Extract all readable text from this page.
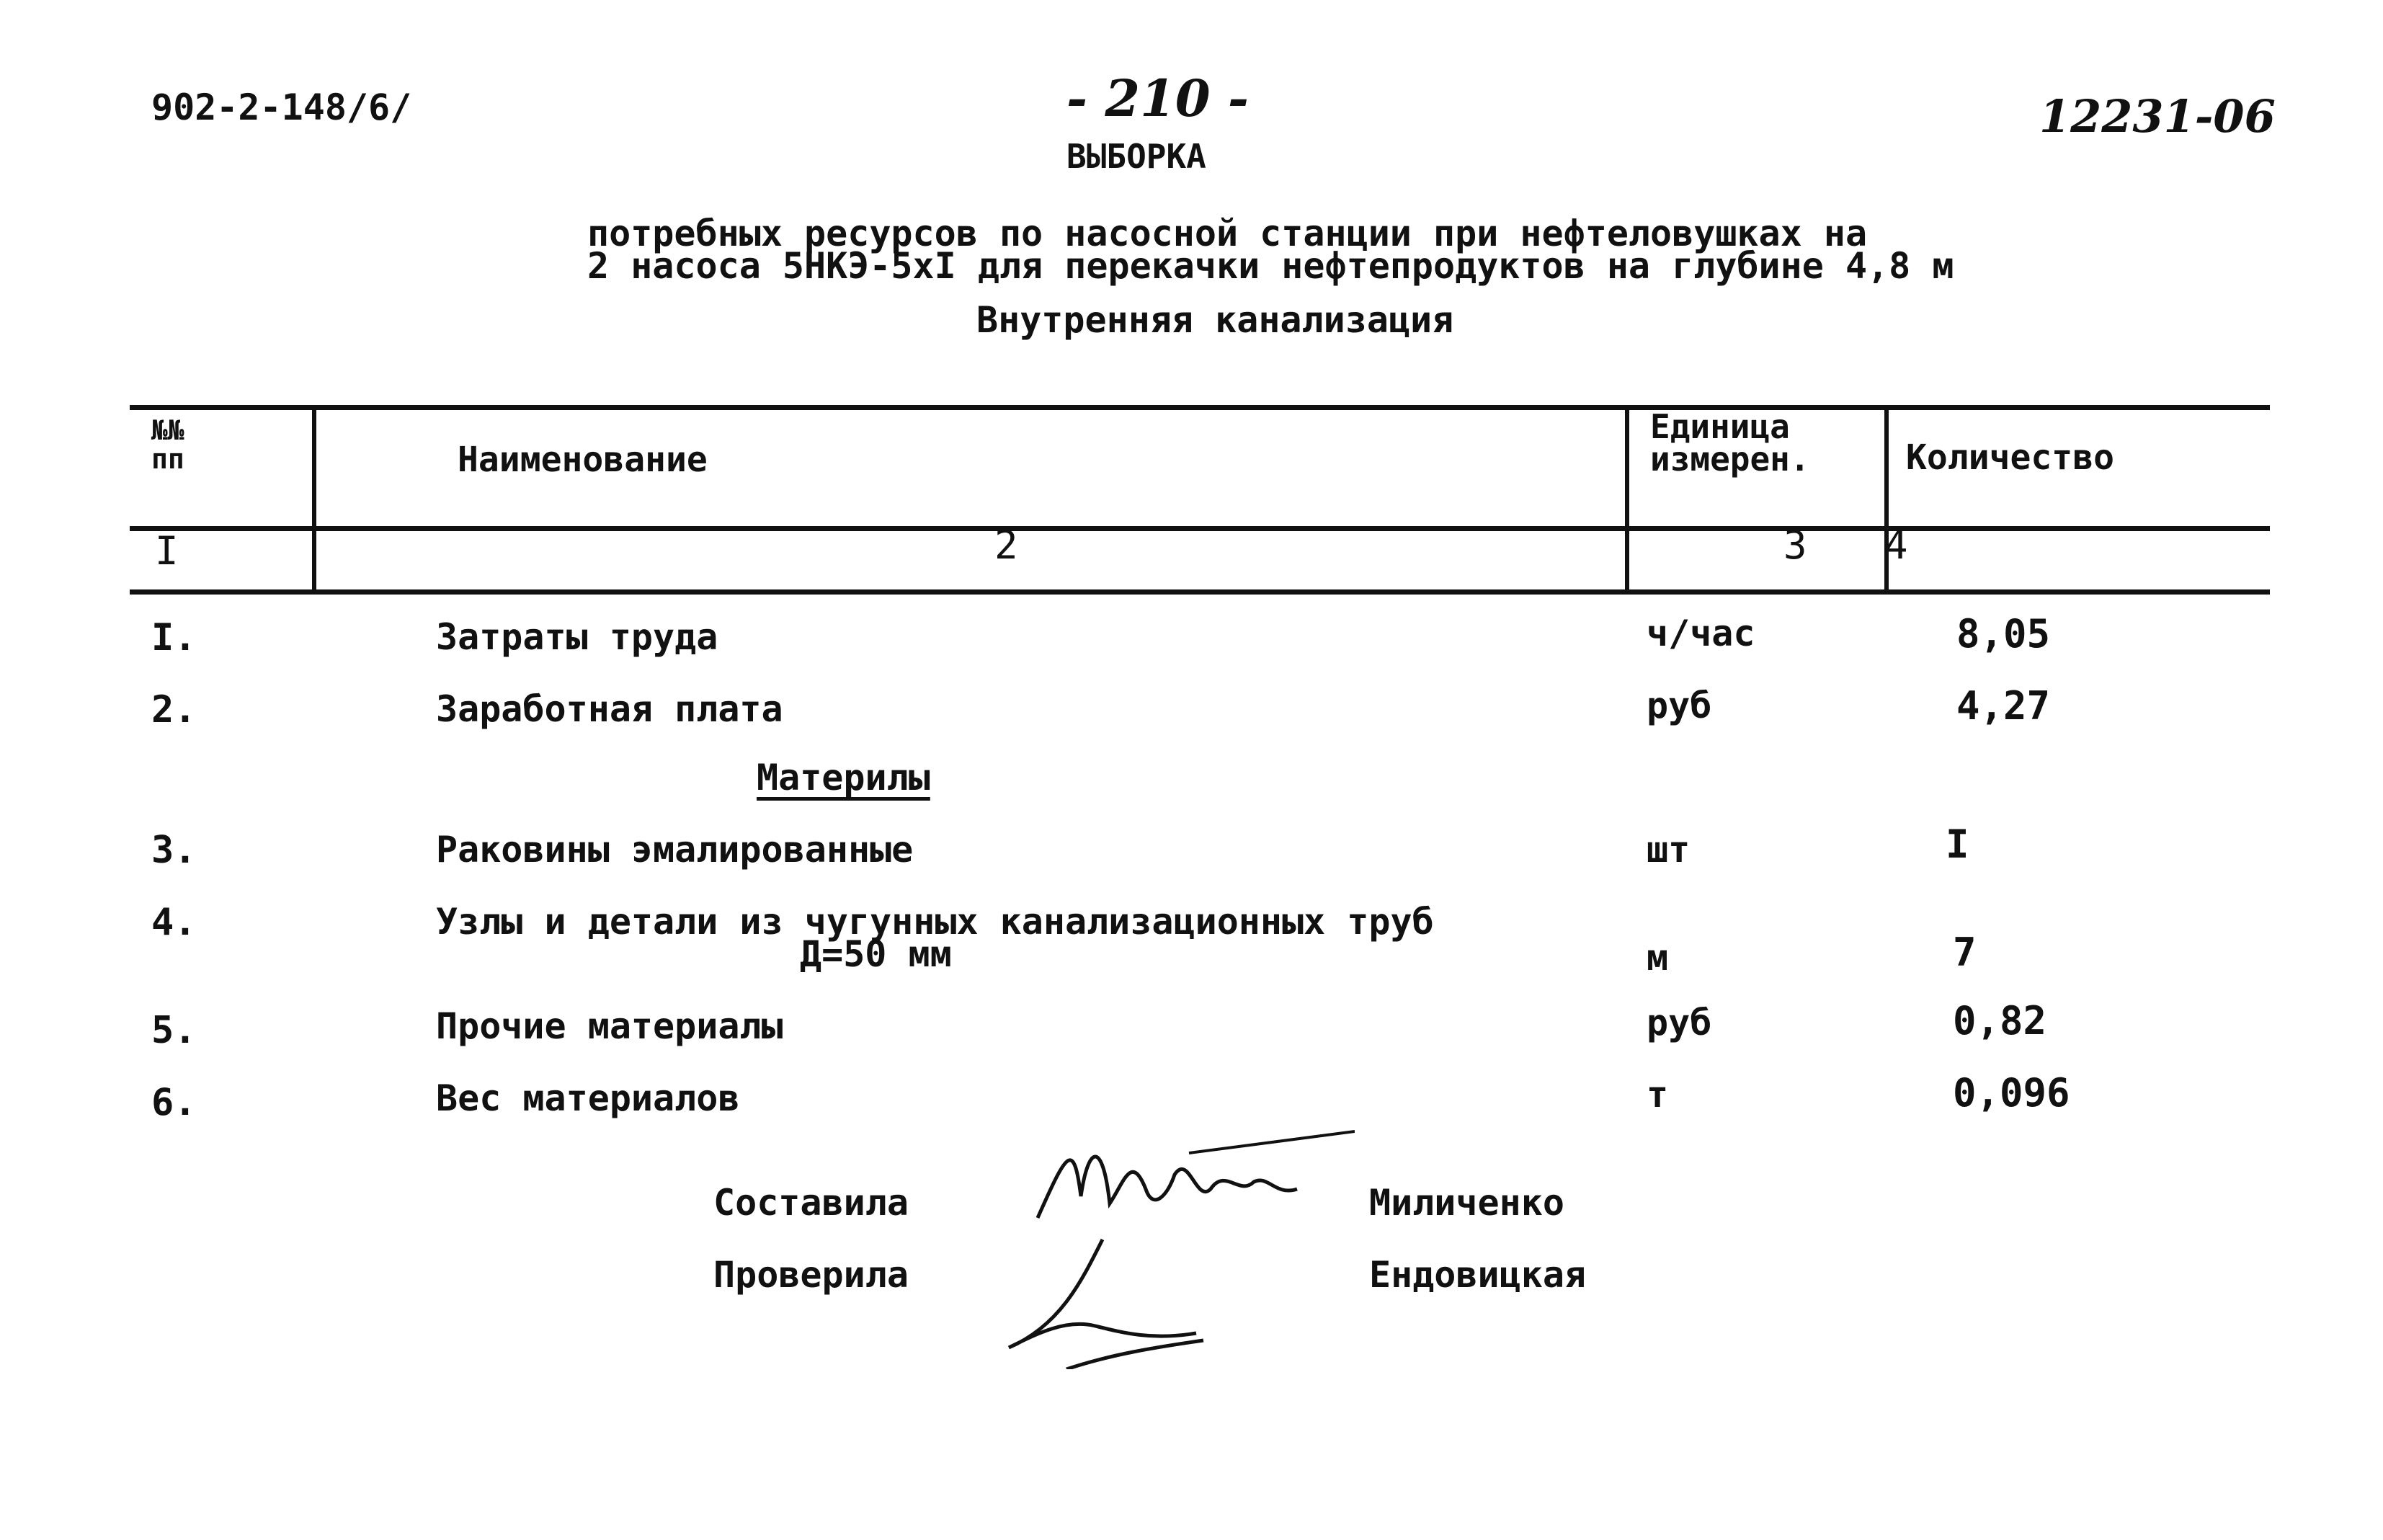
902-2-148/6/	- 210 -	12231-06
ВЫБОРКА
потребных ресурсов по насосной станции при нефтеловушках на
2 насоса 5НКЭ-5хI для перекачки нефтепродуктов на глубине 4,8 м
Внутренняя канализация
№№
пп	Наименование
Единица
измерен.	Количество
I	2	3 4
I.	Затраты труда	ч/час	8,05
2.	Заработная плата	руб	4,27
Материлы
3.	Раковины эмалированные	шт	I
4.	Узлы и детали из чугунных канализационных труб
Д=50 мм	м	7
5.	Прочие материалы	руб	0,82
6.	Вес материалов	т	0,096
Составила	Миличенко
Проверила	Ендовицкая
